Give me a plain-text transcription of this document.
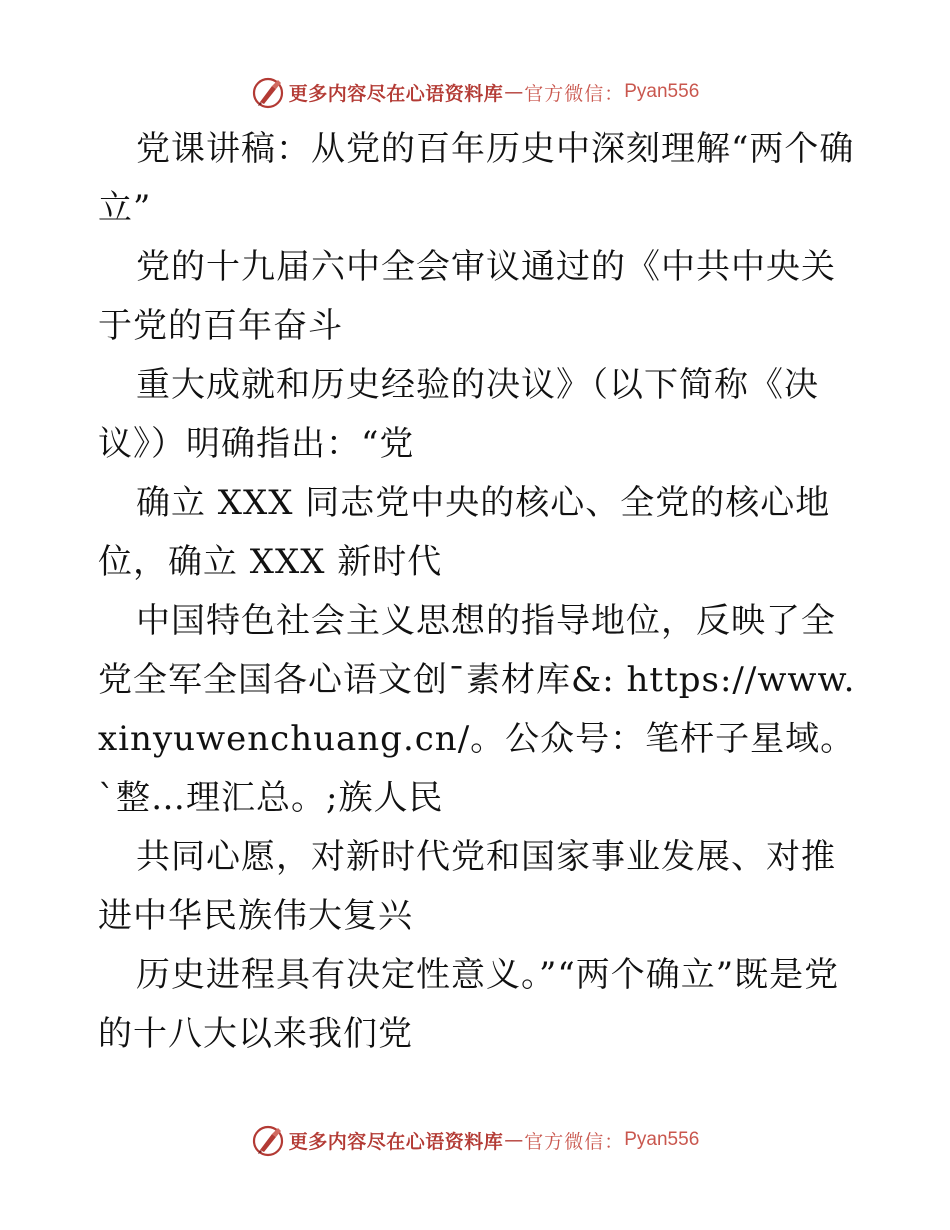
更多内容尽在心语资料库 — 官方微信： Pyan556

党课讲稿：从党的百年历史中深刻理解“两个确立”

党的十九届六中全会审议通过的《中共中央关于党的百年奋斗

重大成就和历史经验的决议》（以下简称《决议》）明确指出：“党

确立 XXX 同志党中央的核心、全党的核心地位，确立 XXX 新时代

中国特色社会主义思想的指导地位，反映了全党全军全国各心语文创¯素材库&: https://www.xinyuwenchuang.cn/。公众号：笔杆子星域。`整…理汇总。;族人民

共同心愿，对新时代党和国家事业发展、对推进中华民族伟大复兴

历史进程具有决定性意义。”“两个确立”既是党的十八大以来我们党

更多内容尽在心语资料库 — 官方微信： Pyan556
